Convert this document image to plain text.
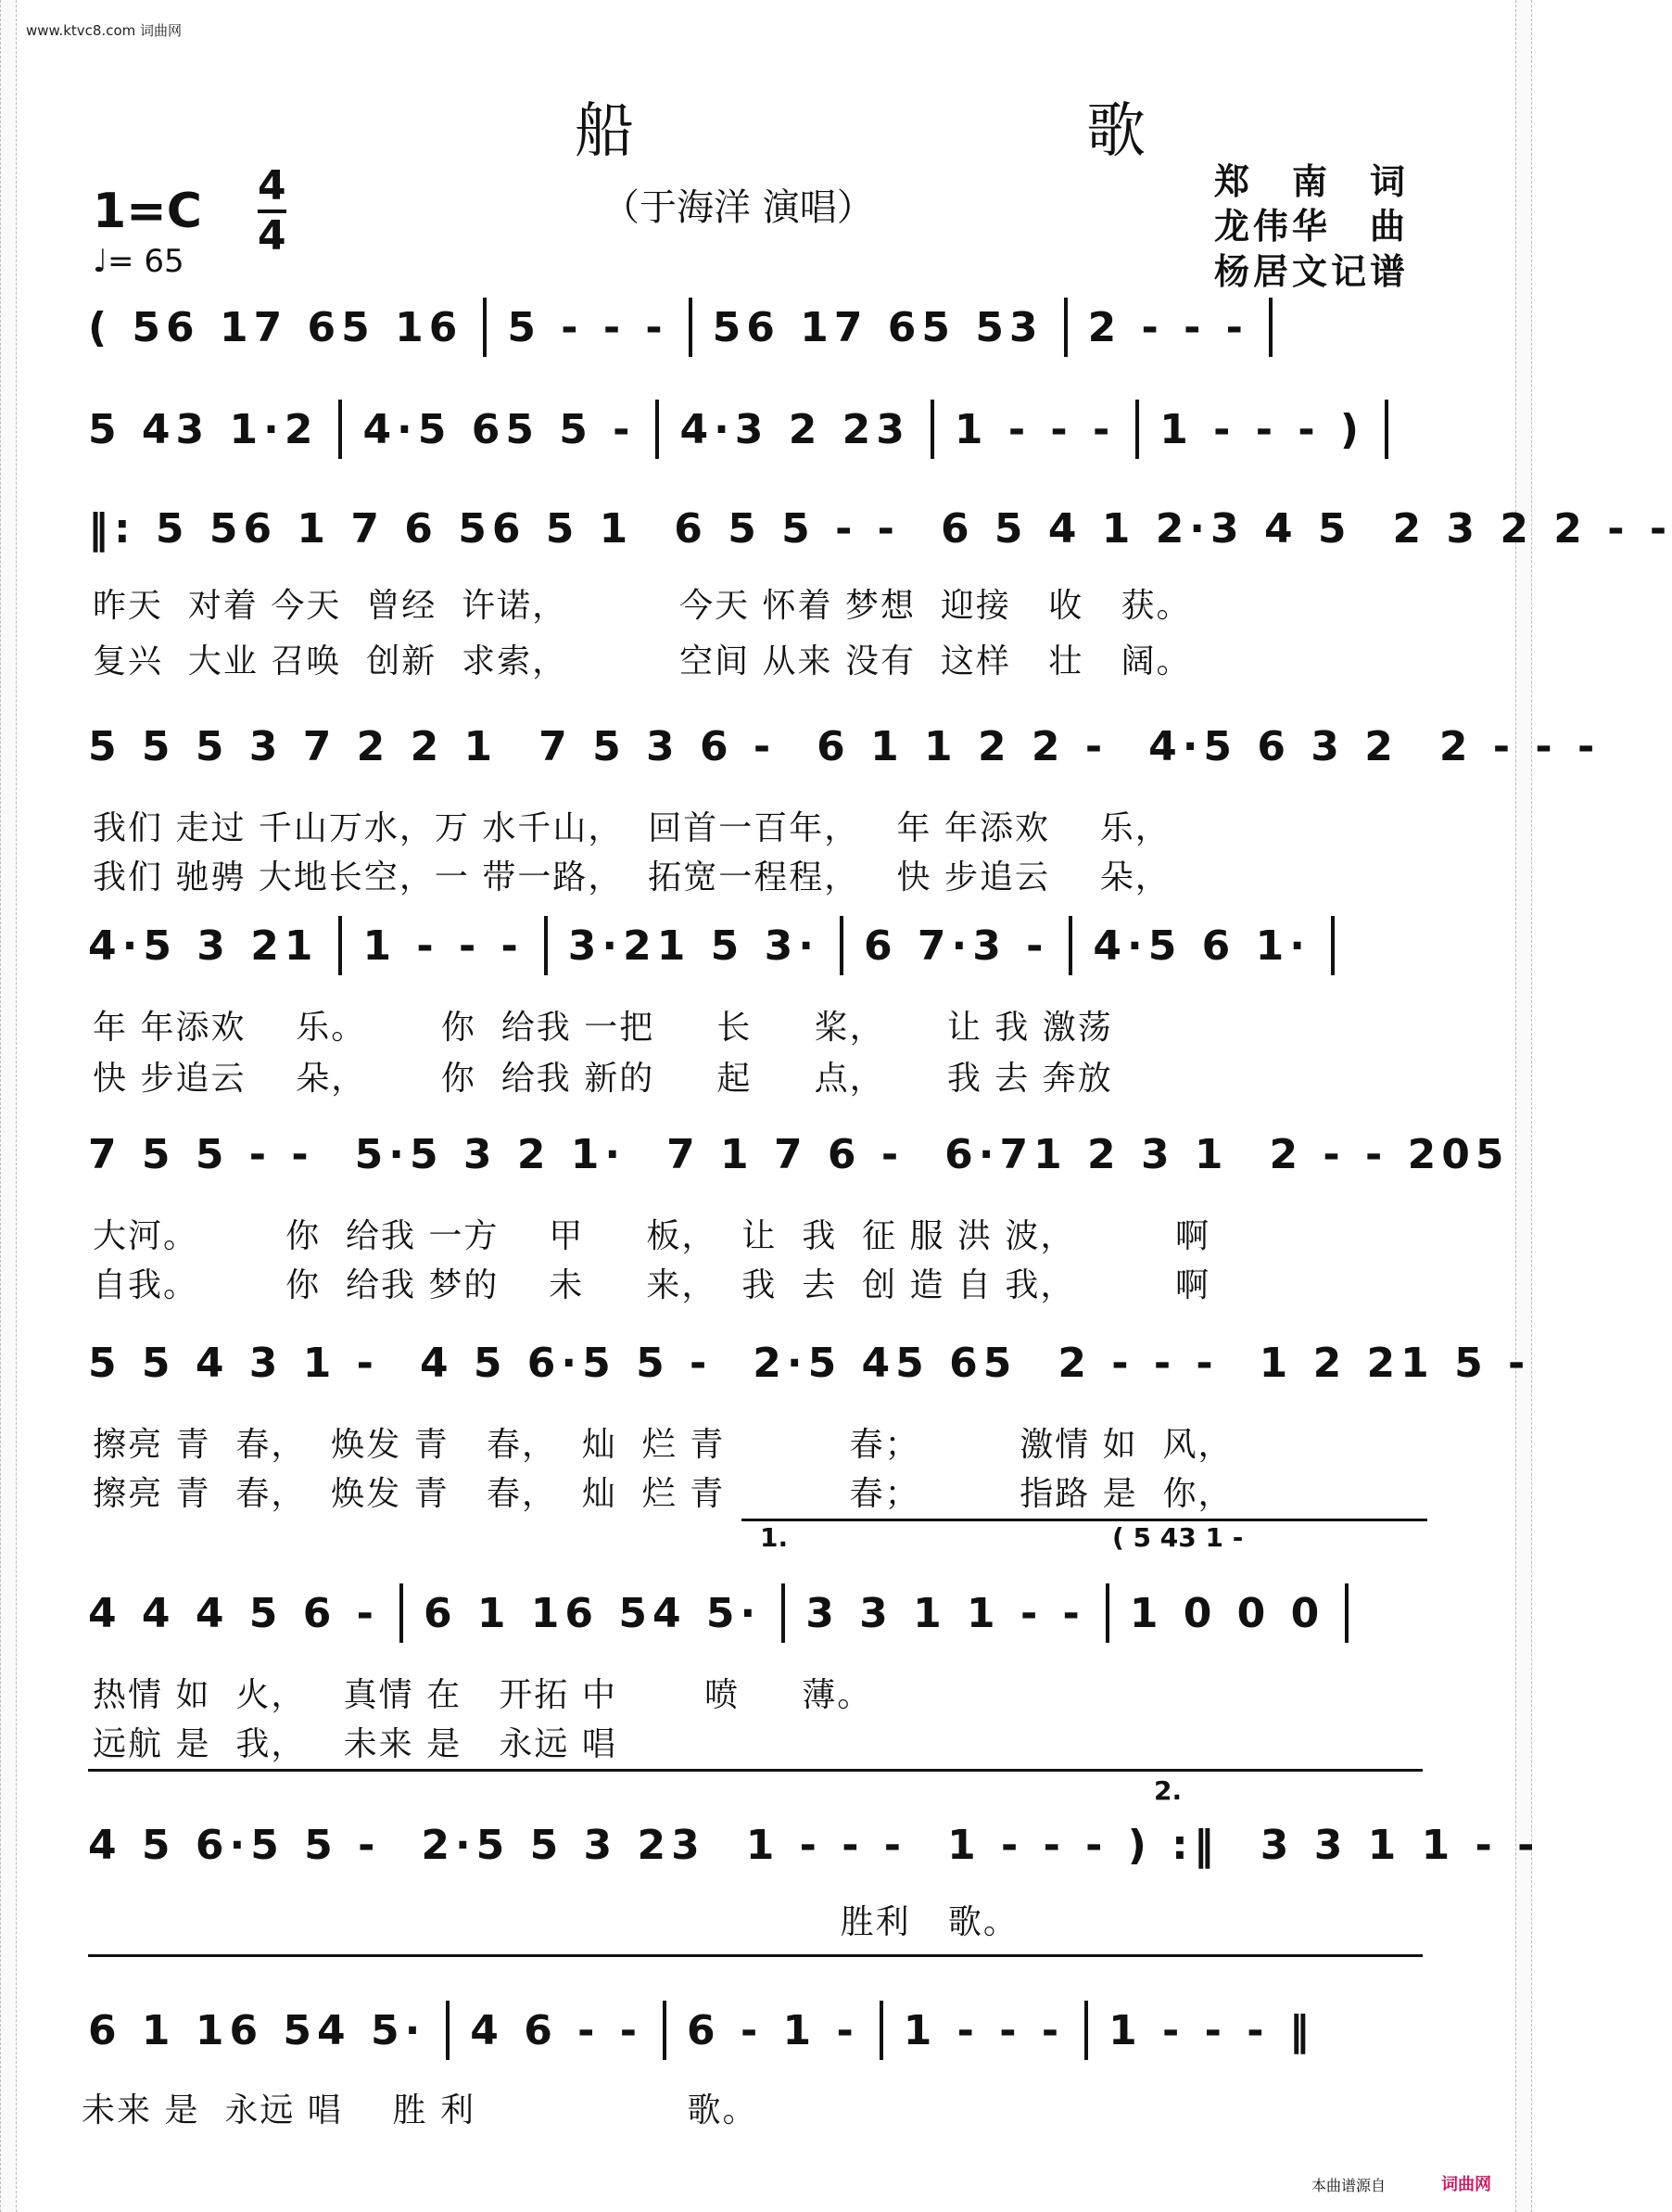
www.ktvc8.com 词曲网
船　　歌
（于海洋 演唱）
1=C 4
4
♩= 65
郑　南　词
龙伟华　曲
杨居文记谱
( 56 17 65 16 5 - - - 56 17 65 53 2 - - -
5 43 1·2 4·5 65 5 - 4·3 2 23 1 - - - 1 - - - )
‖: 5 56 1 7 6 56 5 1 6 5 5 - - 6 5 4 1 2·3 4 5 2 3 2 2 - -
昨天  对着 今天  曾经  许诺，         今天 怀着 梦想  迎接   收   获。
复兴  大业 召唤  创新  求索，         空间 从来 没有  这样   壮   阔。
5 5 5 3 7 2 2 1 7 5 3 6 - 6 1 1 2 2 - 4·5 6 3 2 2 - - -
我们 走过 千山万水，万 水千山，  回首一百年，   年 年添欢    乐，
我们 驰骋 大地长空，一 带一路，  拓宽一程程，   快 步追云    朵，
4·5 3 21 1 - - - 3·21 5 3· 6 7·3 - 4·5 6 1·
年 年添欢    乐。      你  给我 一把     长     桨，     让 我 激荡
快 步追云    朵，      你  给我 新的     起     点，     我 去 奔放
7 5 5 - - 5·5 3 2 1· 7 1 7 6 - 6·71 2 3 1 2 - - 205
大河。       你  给我 一方    甲     板，  让  我  征 服 洪 波，        啊
自我。       你  给我 梦的    未     来，  我  去  创 造 自 我，        啊
5 5 4 3 1 - 4 5 6·5 5 - 2·5 45 65 2 - - - 1 2 21 5 -
擦亮 青  春，  焕发 青   春，  灿  烂 青          春；        激情 如  风，
擦亮 青  春，  焕发 青   春，  灿  烂 青          春；        指路 是  你，
1.	( 5 43 1 -
4 4 4 5 6 - 6 1 16 54 5· 3 3 1 1 - - 1 0 0 0
热情 如  火，   真情 在   开拓 中       喷     薄。
远航 是  我，   未来 是   永远 唱
2.
4 5 6·5 5 - 2·5 5 3 23 1 - - - 1 - - - ) :‖ 3 3 1 1 - -
胜利   歌。
6 1 16 54 5· 4 6 - - 6 - 1 - 1 - - - 1 - - - ‖
未来 是  永远 唱    胜 利                 歌。
本曲谱源自	词曲网
